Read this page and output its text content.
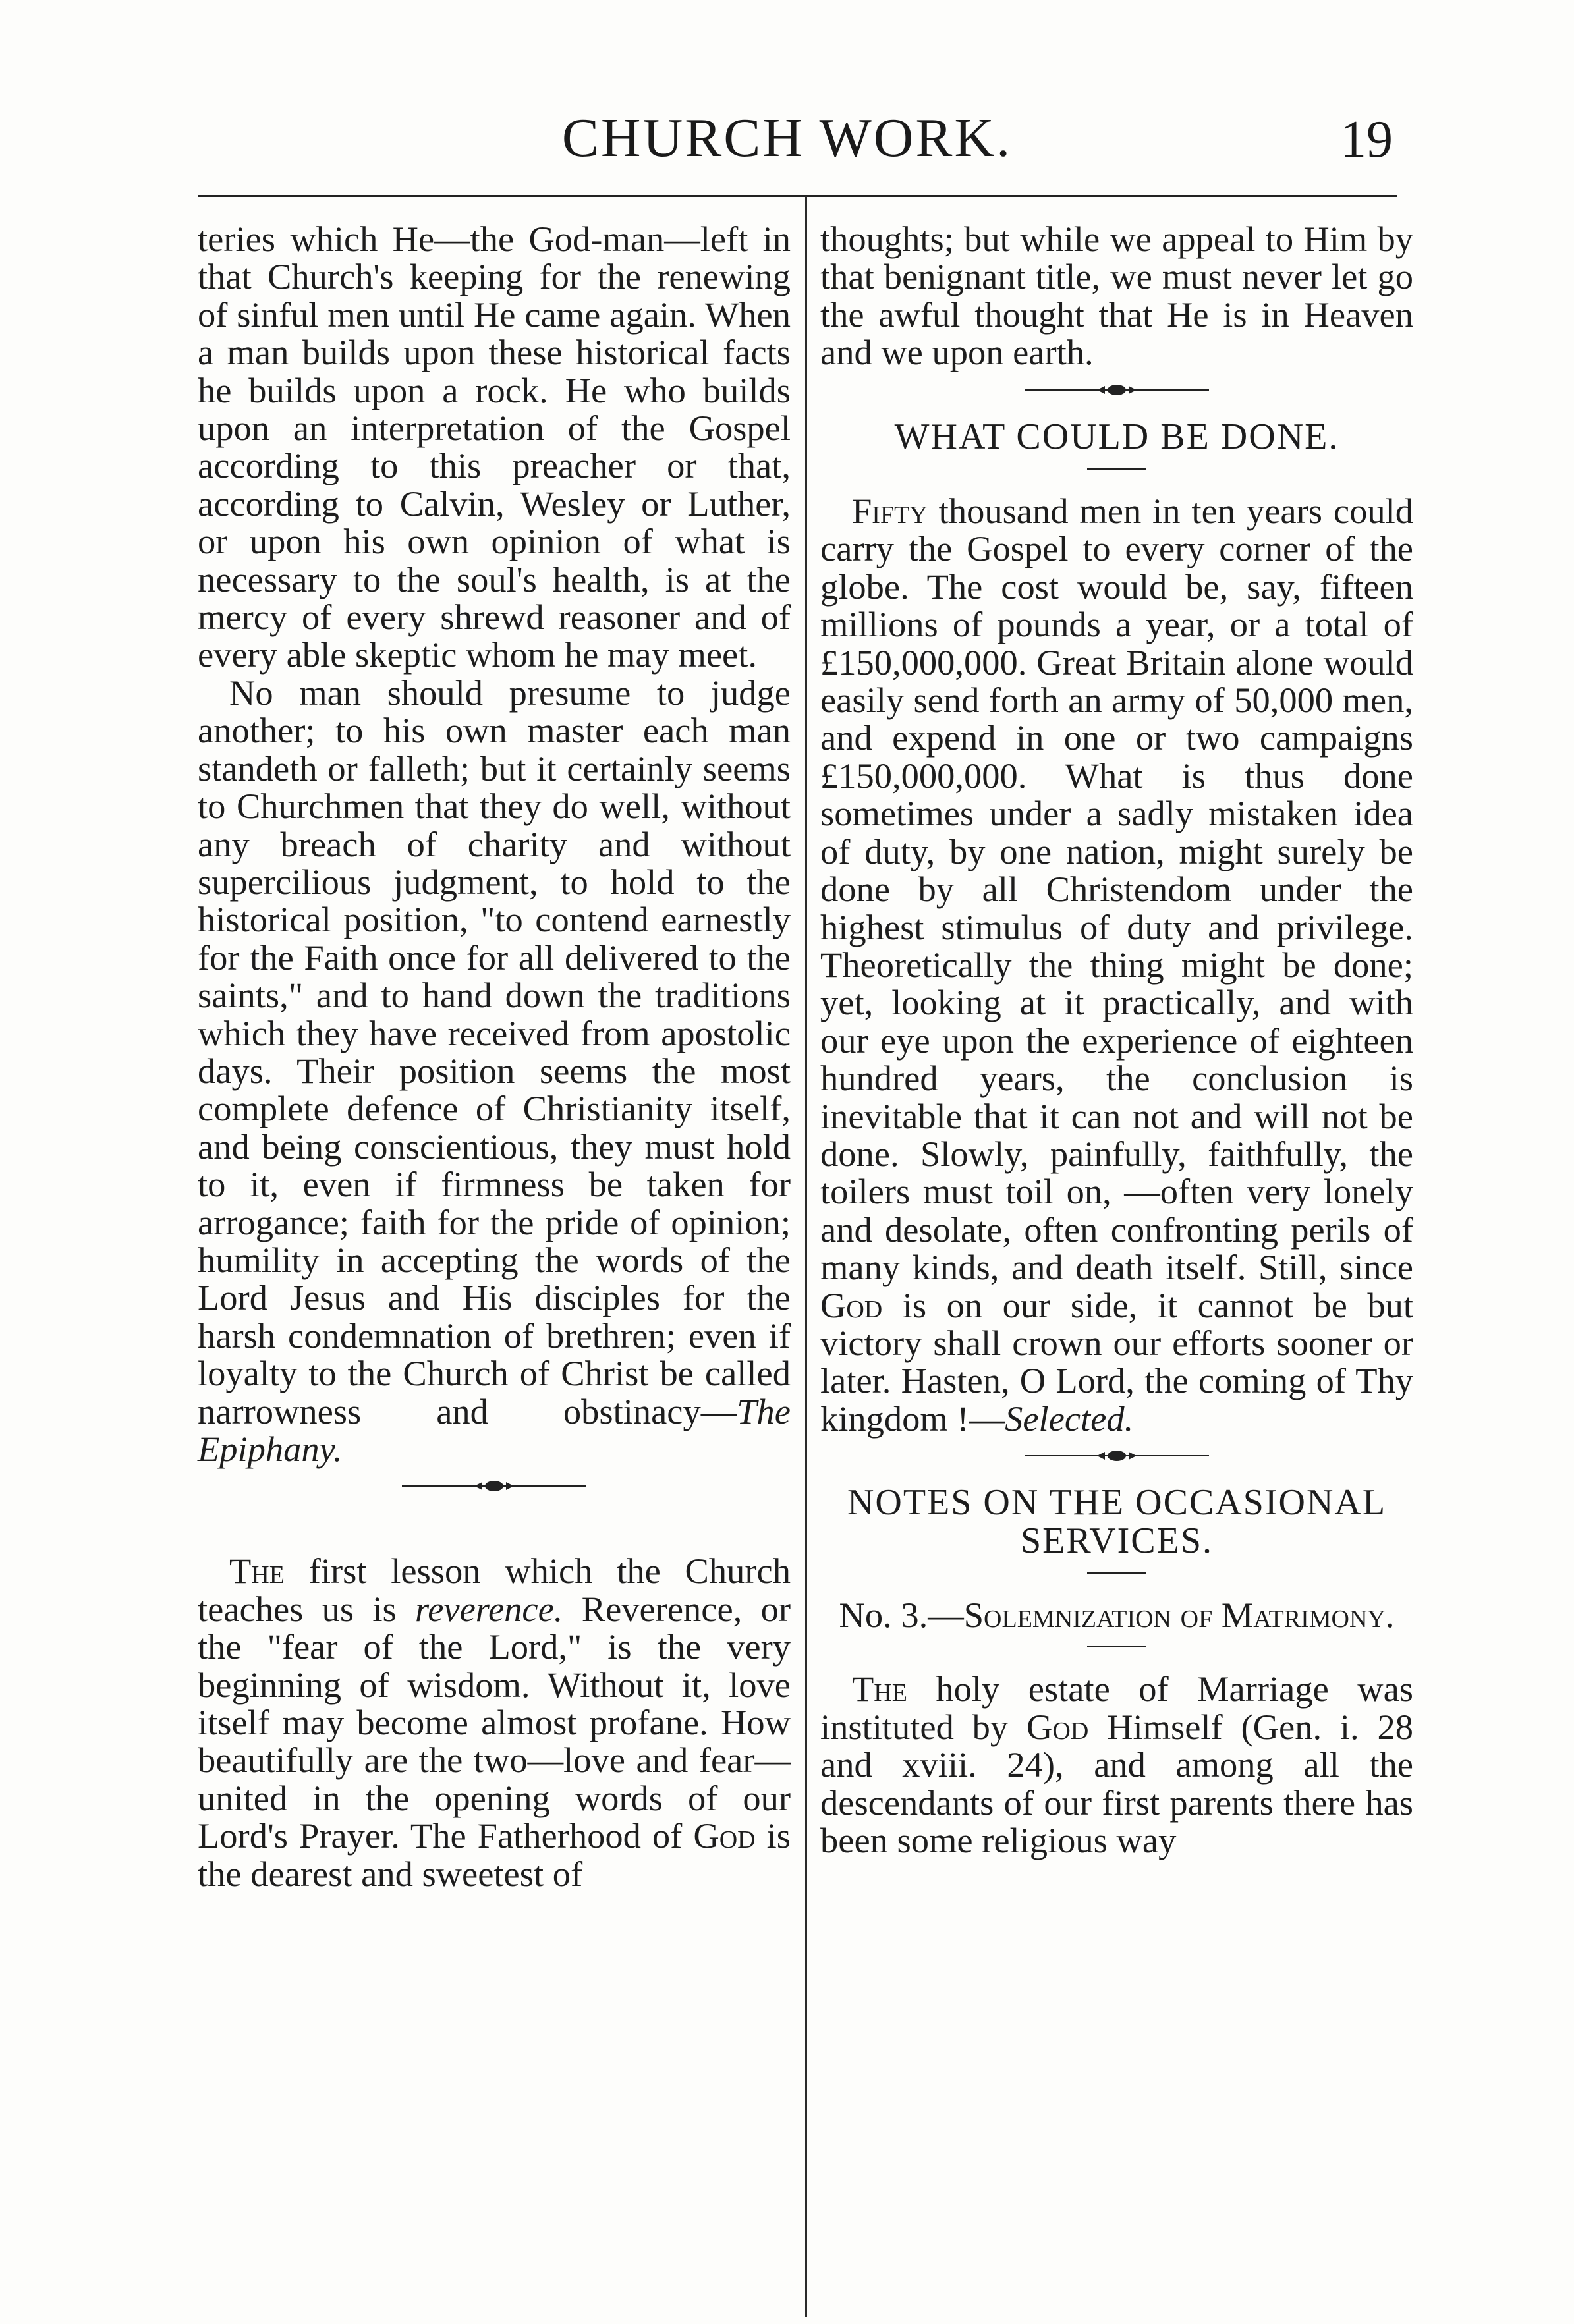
CHURCH WORK.	19

teries which He—the God-man—left in that Church's keeping for the renewing of sinful men until He came again. When a man builds upon these historical facts he builds upon a rock. He who builds upon an interpretation of the Gospel according to this preacher or that, according to Calvin, Wesley or Luther, or upon his own opinion of what is necessary to the soul's health, is at the mercy of every shrewd reasoner and of every able skeptic whom he may meet.

No man should presume to judge another; to his own master each man standeth or falleth; but it certainly seems to Churchmen that they do well, without any breach of charity and without supercilious judgment, to hold to the historical position, "to contend earnestly for the Faith once for all delivered to the saints," and to hand down the traditions which they have received from apostolic days. Their position seems the most complete defence of Christianity itself, and being conscientious, they must hold to it, even if firmness be taken for arrogance; faith for the pride of opinion; humility in accepting the words of the Lord Jesus and His disciples for the harsh condemnation of brethren; even if loyalty to the Church of Christ be called narrowness and obstinacy—The Epiphany.

The first lesson which the Church teaches us is reverence. Reverence, or the "fear of the Lord," is the very beginning of wisdom. Without it, love itself may become almost profane. How beautifully are the two—love and fear—united in the opening words of our Lord's Prayer. The Fatherhood of God is the dearest and sweetest of

thoughts; but while we appeal to Him by that benignant title, we must never let go the awful thought that He is in Heaven and we upon earth.

WHAT COULD BE DONE.

Fifty thousand men in ten years could carry the Gospel to every corner of the globe. The cost would be, say, fifteen millions of pounds a year, or a total of £150,000,000. Great Britain alone would easily send forth an army of 50,000 men, and expend in one or two campaigns £150,000,000. What is thus done sometimes under a sadly mistaken idea of duty, by one nation, might surely be done by all Christendom under the highest stimulus of duty and privilege. Theoretically the thing might be done; yet, looking at it practically, and with our eye upon the experience of eighteen hundred years, the conclusion is inevitable that it can not and will not be done. Slowly, painfully, faithfully, the toilers must toil on, —often very lonely and desolate, often confronting perils of many kinds, and death itself. Still, since God is on our side, it cannot be but victory shall crown our efforts sooner or later. Hasten, O Lord, the coming of Thy kingdom !—Selected.

NOTES ON THE OCCASIONAL SERVICES.

No. 3.—Solemnization of Matrimony.

The holy estate of Marriage was instituted by God Himself (Gen. i. 28 and xviii. 24), and among all the descendants of our first parents there has been some religious way
